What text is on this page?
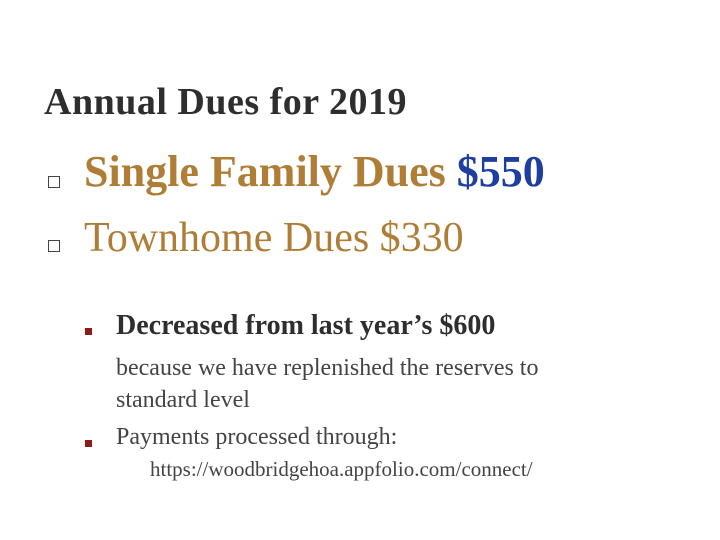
Annual Dues for 2019
Single Family Dues $550
Townhome Dues $330
Decreased from last year’s $600
because we have replenished the reserves to
standard level
Payments processed through:
https://woodbridgehoa.appfolio.com/connect/
